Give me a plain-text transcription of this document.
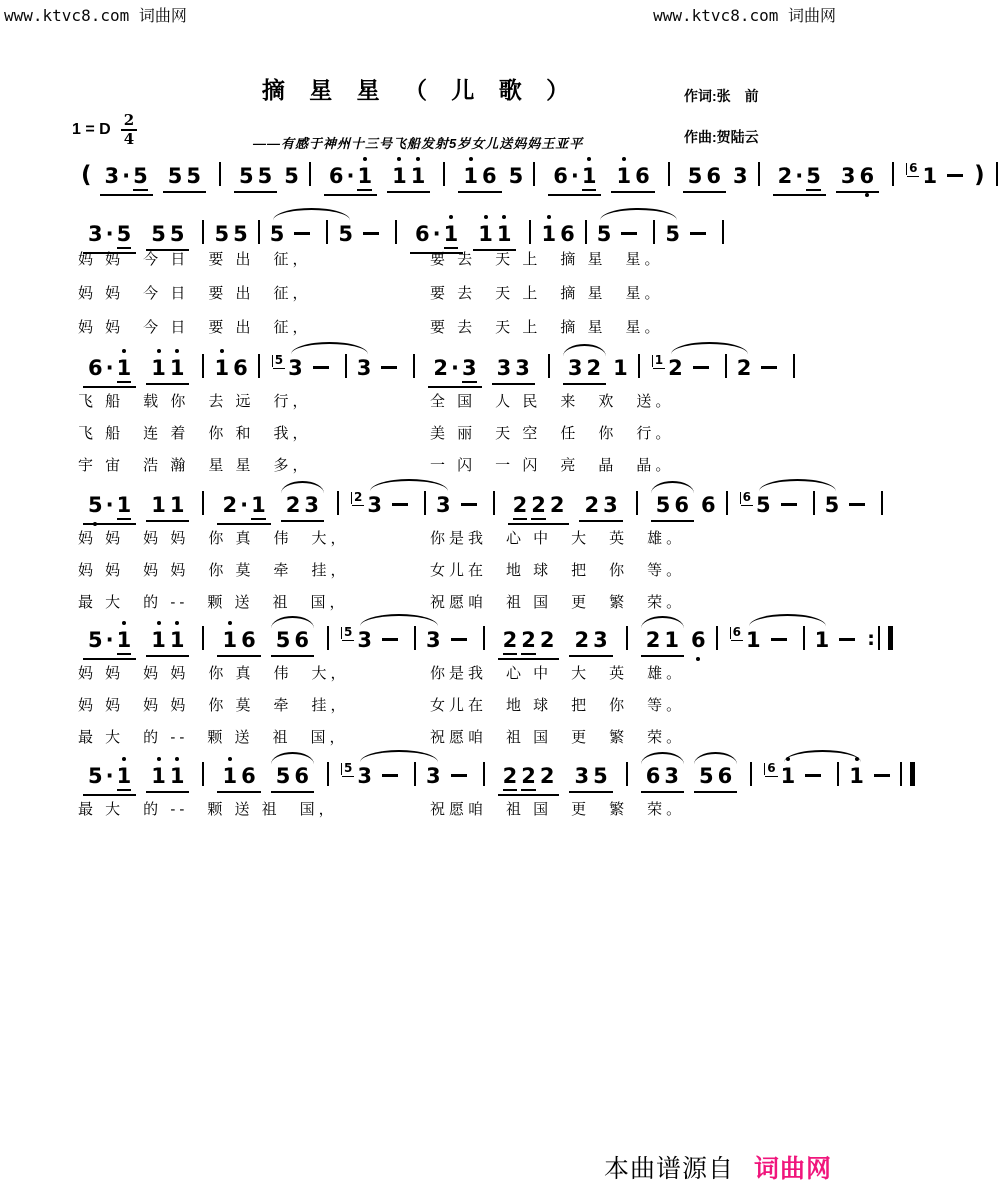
www.ktvc8.com 词曲网	www.ktvc8.com 词曲网
摘 星 星 （ 儿 歌 ）	作词:张　前
作曲:贺陆云
——有感于神州十三号飞船发射5岁女儿送妈妈王亚平
1 = D $\frac{2}{4}$
( 3 · 5 5 5 5 5 5 6 · 1 1 1 1 6 5 6 · 1 1 6 5 6 3 2 · 5 3 6	6 1 )
3 · 5 5 5 5 5 5	5	6 · 1 1 1 1 6 5	5
6 · 1 1 1 1 6 5 3	3	2 · 3 3 3 3 2 1 1 2	2
5 · 1 1 1 2 · 1 2 3	2 3	3	2 2 2 2 3 5 6 6 6 5	5
5 · 1 1 1 1 6 5 6	5 3	3	2 2 2 2 3 2 1 6 6 1	1 :
5 · 1 1 1 1 6 5 6	5 3	3	2 2 2 3 5 6 3 5 6	6 1	1
妈 妈　今 日　要 出　征，	要 去　天 上　摘 星　星。
妈 妈　今 日　要 出　征，	要 去　天 上　摘 星　星。
妈 妈　今 日　要 出　征，	要 去　天 上　摘 星　星。
飞 船　载 你　去 远　行，	全 国　人 民　来　欢　送。
飞 船　连 着　你 和　我，	美 丽　天 空　任　你　行。
宇 宙　浩 瀚　星 星　多，	一 闪　一 闪　亮　晶　晶。
妈 妈　妈 妈　你 真　伟　大，	你是我　心 中　大　英　雄。
妈 妈　妈 妈　你 莫　牵　挂，	女儿在　地 球　把　你　等。
最 大　的 --　颗 送　祖　国，	祝愿咱　祖 国　更　繁　荣。
妈 妈　妈 妈　你 真　伟　大，	你是我　心 中　大　英　雄。
妈 妈　妈 妈　你 莫　牵　挂，	女儿在　地 球　把　你　等。
最 大　的 --　颗 送　祖　国，	祝愿咱　祖 国　更　繁　荣。
最 大　的 --　颗 送 祖　国，	祝愿咱　祖 国　更　繁　荣。

本曲谱源自 词曲网
